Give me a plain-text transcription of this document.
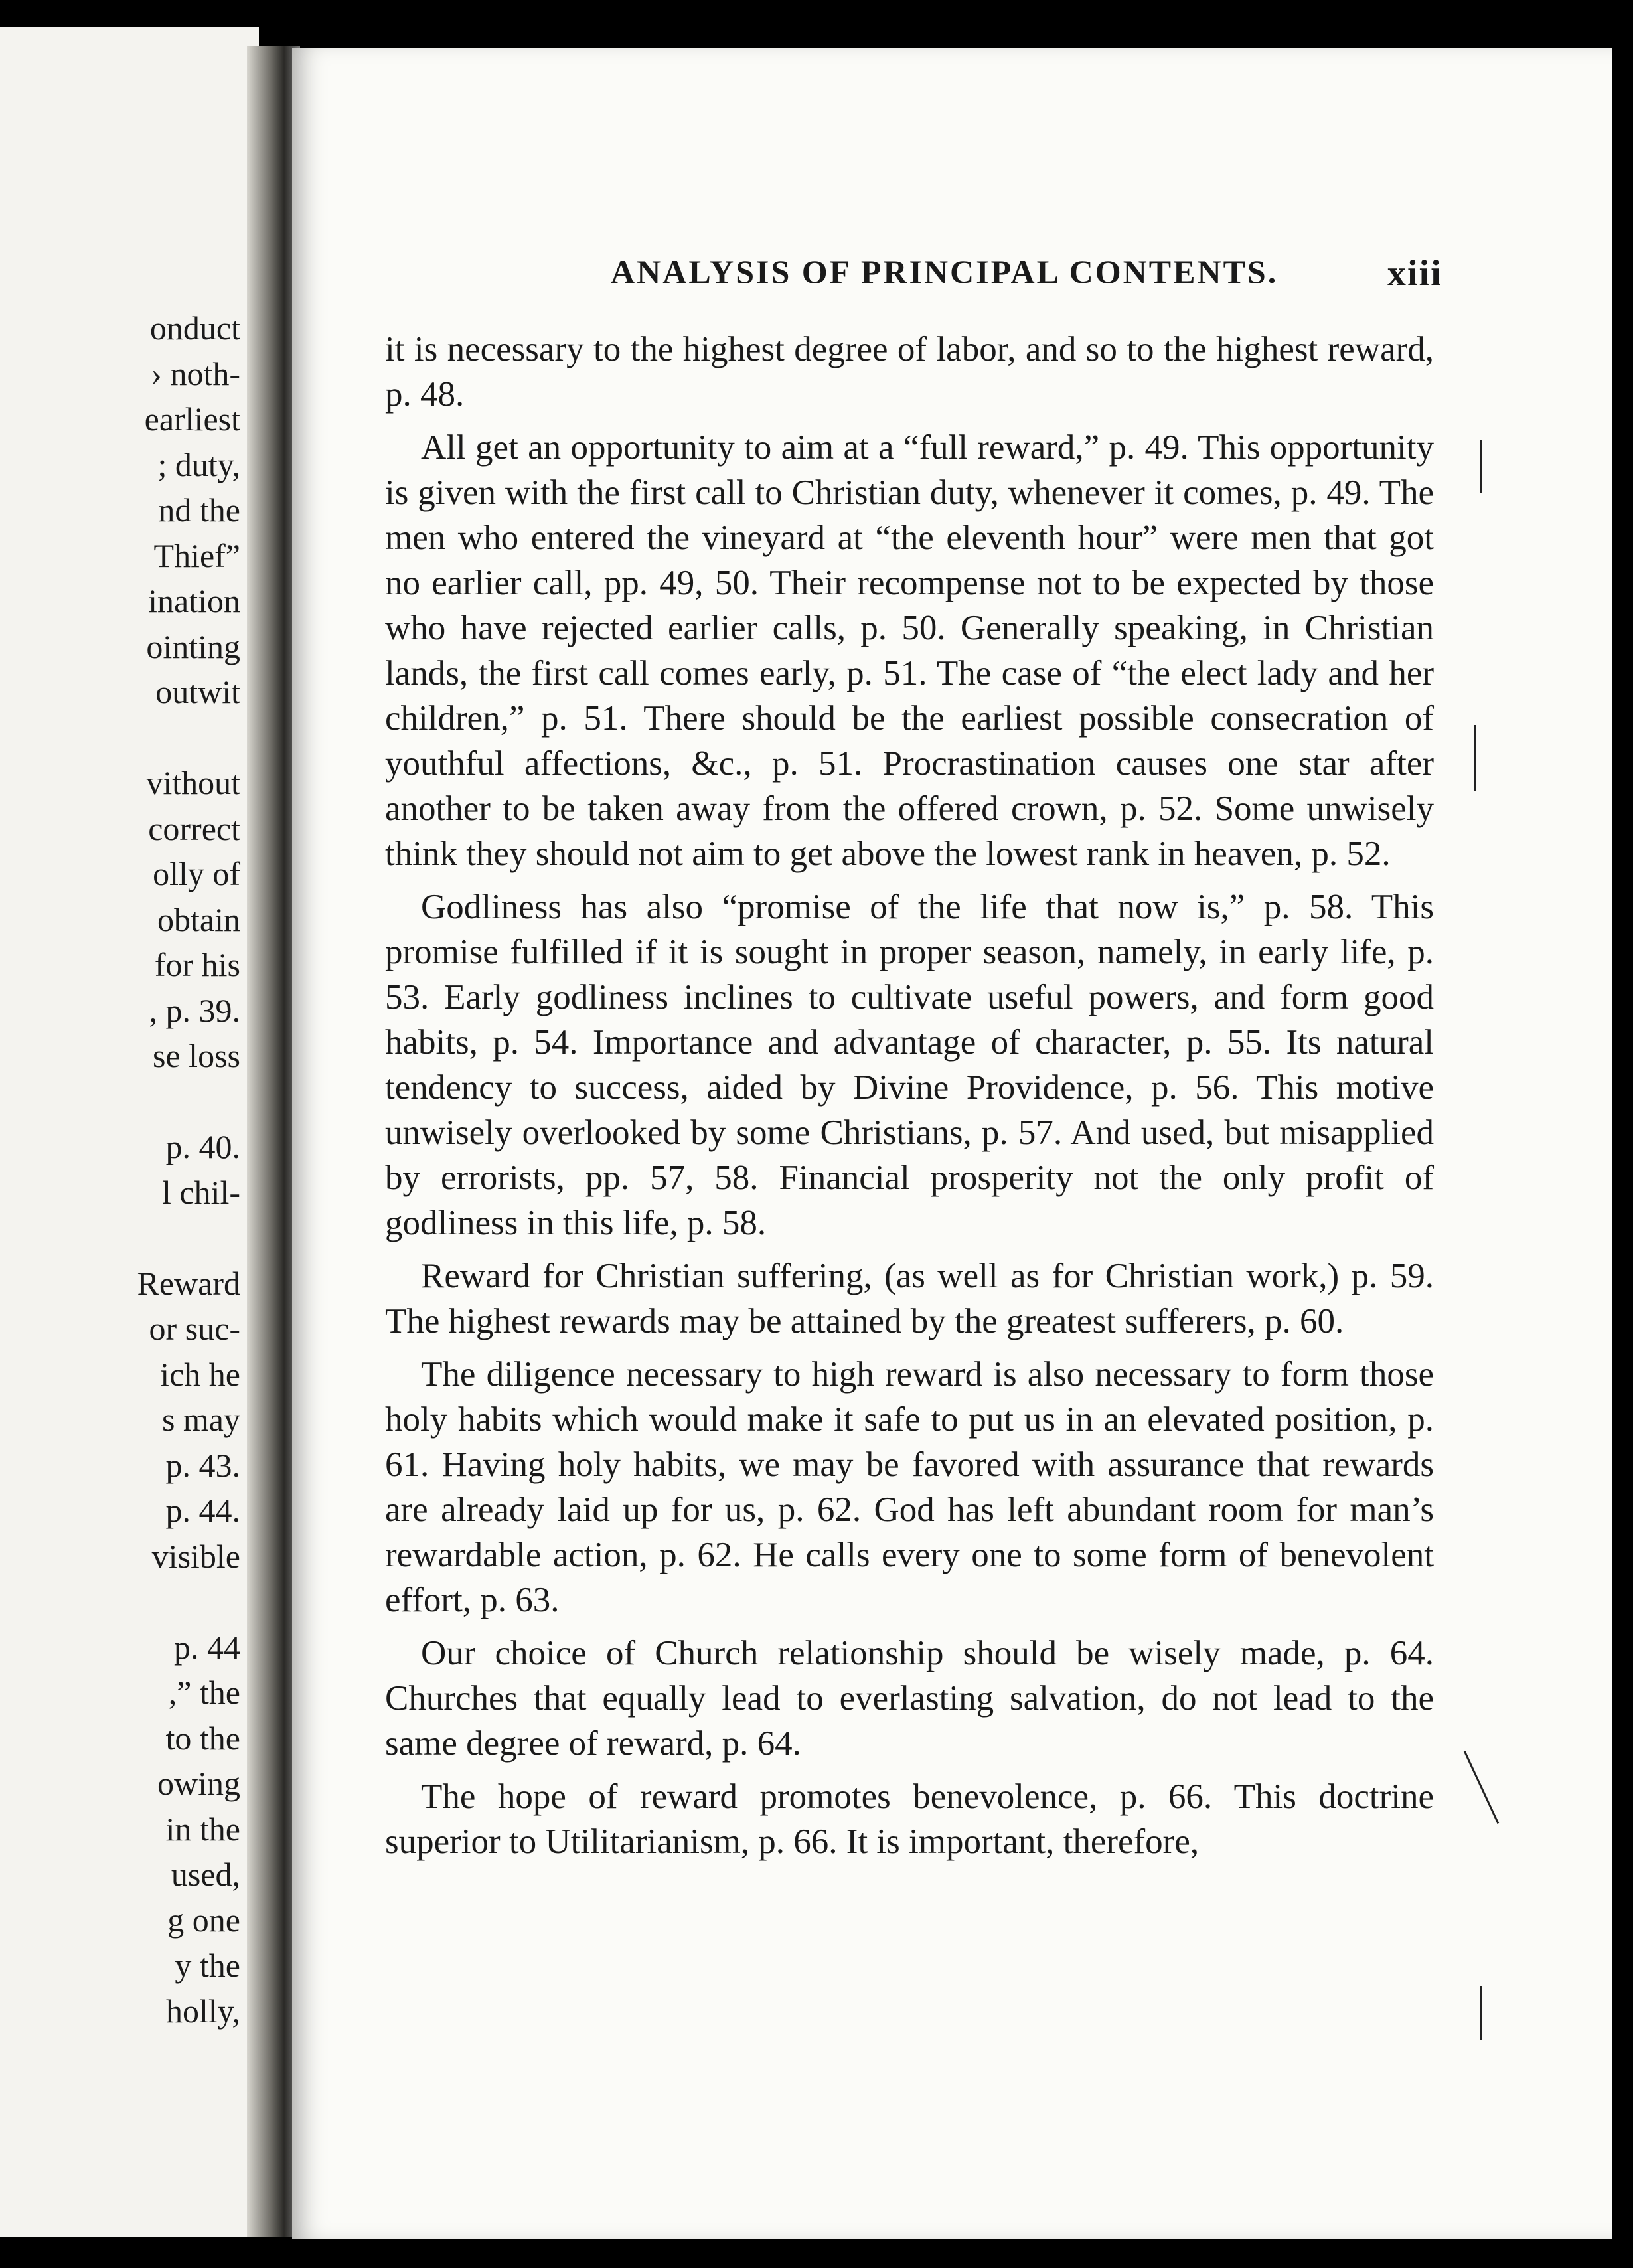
onduct
› noth-
earliest
; duty,
nd the
Thief”
ination
ointing
outwit
vithout
correct
olly of
obtain
for his
, p. 39.
se loss
p. 40.
l chil-
Reward
or suc-
ich he
s may
p. 43.
p. 44.
visible
p. 44
,” the
to the
owing
in the
used,
g one
y the
holly,
ANALYSIS OF PRINCIPAL CONTENTS.	xiii

it is necessary to the highest degree of labor, and so to the highest reward, p. 48.

All get an opportunity to aim at a “full reward,” p. 49. This opportunity is given with the first call to Christian duty, whenever it comes, p. 49. The men who entered the vineyard at “the eleventh hour” were men that got no earlier call, pp. 49, 50. Their recompense not to be expected by those who have rejected earlier calls, p. 50. Generally speaking, in Christian lands, the first call comes early, p. 51. The case of “the elect lady and her children,” p. 51. There should be the earliest possible consecration of youthful affections, &c., p. 51. Procrastination causes one star after another to be taken away from the offered crown, p. 52. Some unwisely think they should not aim to get above the lowest rank in heaven, p. 52.

Godliness has also “promise of the life that now is,” p. 58. This promise fulfilled if it is sought in proper season, namely, in early life, p. 53. Early godliness inclines to cultivate useful powers, and form good habits, p. 54. Importance and advantage of character, p. 55. Its natural tendency to success, aided by Divine Providence, p. 56. This motive unwisely overlooked by some Christians, p. 57. And used, but misapplied by errorists, pp. 57, 58. Financial prosperity not the only profit of godliness in this life, p. 58.

Reward for Christian suffering, (as well as for Christian work,) p. 59. The highest rewards may be attained by the greatest sufferers, p. 60.

The diligence necessary to high reward is also necessary to form those holy habits which would make it safe to put us in an elevated position, p. 61. Having holy habits, we may be favored with assurance that rewards are already laid up for us, p. 62. God has left abundant room for man’s rewardable action, p. 62. He calls every one to some form of benevolent effort, p. 63.

Our choice of Church relationship should be wisely made, p. 64. Churches that equally lead to everlasting salvation, do not lead to the same degree of reward, p. 64.

The hope of reward promotes benevolence, p. 66. This doctrine superior to Utilitarianism, p. 66. It is important, therefore,
